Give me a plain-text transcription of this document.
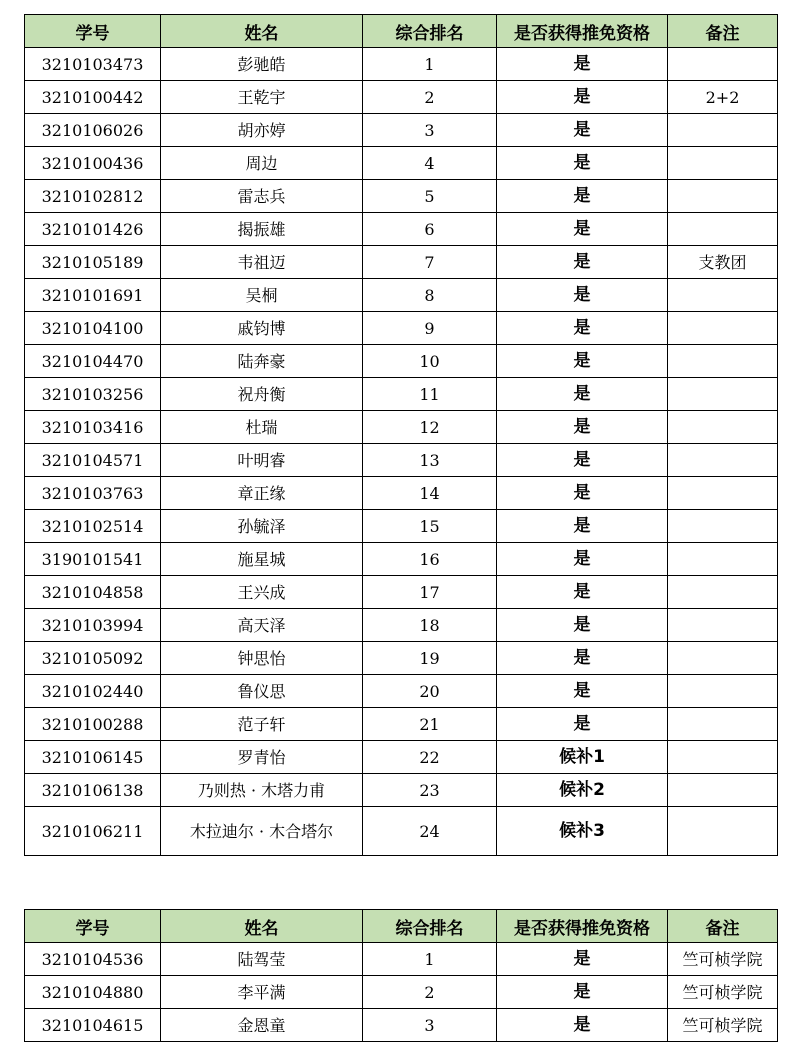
学号	姓名	综合排名	是否获得推免资格	备注
3210103473	彭驰皓	1	是	
3210100442	王乾宇	2	是	2+2
3210106026	胡亦婷	3	是	
3210100436	周边	4	是	
3210102812	雷志兵	5	是	
3210101426	揭振雄	6	是	
3210105189	韦祖迈	7	是	支教团
3210101691	吴桐	8	是	
3210104100	戚钧博	9	是	
3210104470	陆奔豪	10	是	
3210103256	祝舟衡	11	是	
3210103416	杜瑞	12	是	
3210104571	叶明睿	13	是	
3210103763	章正缘	14	是	
3210102514	孙毓泽	15	是	
3190101541	施星城	16	是	
3210104858	王兴成	17	是	
3210103994	高天泽	18	是	
3210105092	钟思怡	19	是	
3210102440	鲁仪思	20	是	
3210100288	范子轩	21	是	
3210106145	罗青怡	22	候补1	
3210106138	乃则热 · 木塔力甫	23	候补2	
3210106211	木拉迪尔 · 木合塔尔	24	候补3	
学号	姓名	综合排名	是否获得推免资格	备注
3210104536	陆驾莹	1	是	竺可桢学院
3210104880	李平满	2	是	竺可桢学院
3210104615	金恩童	3	是	竺可桢学院
